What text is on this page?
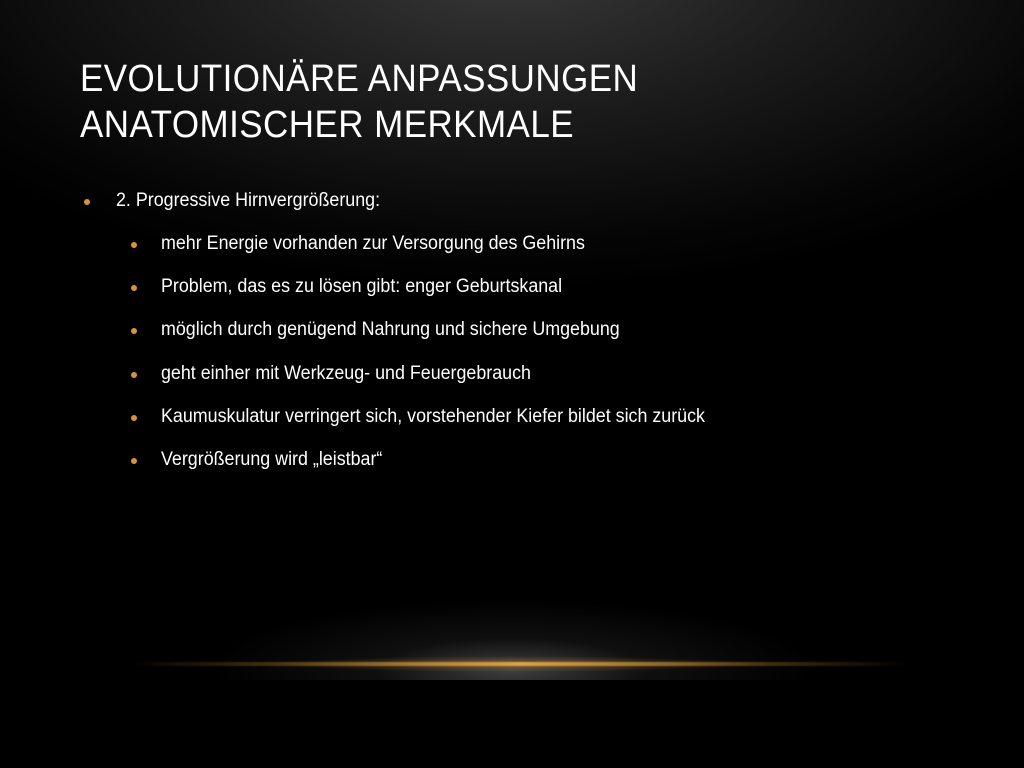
EVOLUTIONÄRE ANPASSUNGEN ANATOMISCHER MERKMALE
2. Progressive Hirnvergrößerung:
mehr Energie vorhanden zur Versorgung des Gehirns
Problem, das es zu lösen gibt: enger Geburtskanal
möglich durch genügend Nahrung und sichere Umgebung
geht einher mit Werkzeug- und Feuergebrauch
Kaumuskulatur verringert sich, vorstehender Kiefer bildet sich zurück
Vergrößerung wird „leistbar“
